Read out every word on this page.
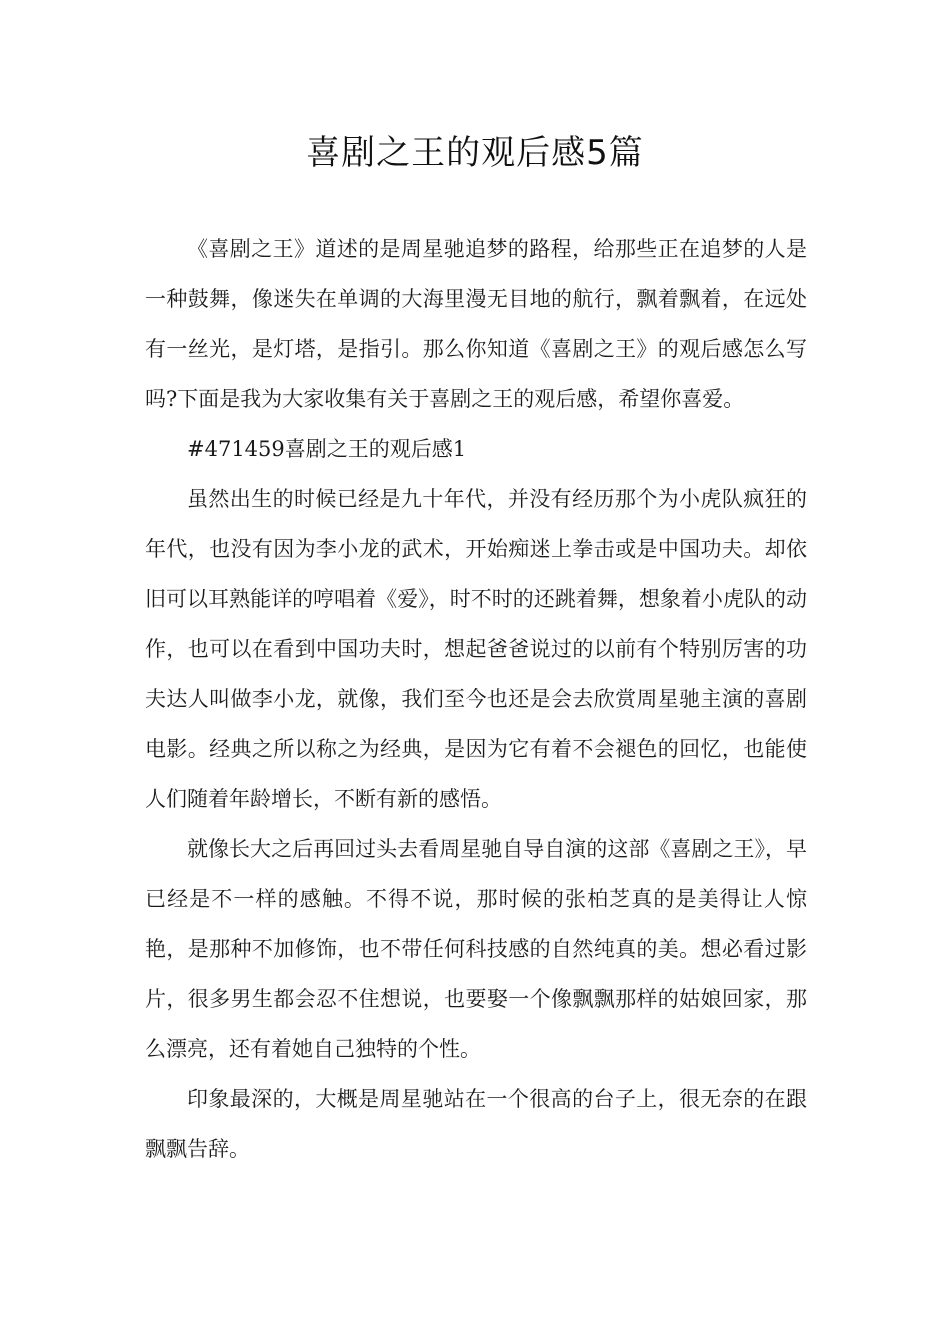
喜剧之王的观后感5篇

《喜剧之王》道述的是周星驰追梦的路程，给那些正在追梦的人是一种鼓舞，像迷失在单调的大海里漫无目地的航行，飘着飘着，在远处有一丝光，是灯塔，是指引。那么你知道《喜剧之王》的观后感怎么写吗?下面是我为大家收集有关于喜剧之王的观后感，希望你喜爱。

#471459喜剧之王的观后感1

虽然出生的时候已经是九十年代，并没有经历那个为小虎队疯狂的年代，也没有因为李小龙的武术，开始痴迷上拳击或是中国功夫。却依旧可以耳熟能详的哼唱着《爱》，时不时的还跳着舞，想象着小虎队的动作，也可以在看到中国功夫时，想起爸爸说过的以前有个特别厉害的功夫达人叫做李小龙，就像，我们至今也还是会去欣赏周星驰主演的喜剧电影。经典之所以称之为经典，是因为它有着不会褪色的回忆，也能使人们随着年龄增长，不断有新的感悟。

就像长大之后再回过头去看周星驰自导自演的这部《喜剧之王》，早已经是不一样的感触。不得不说，那时候的张柏芝真的是美得让人惊艳，是那种不加修饰，也不带任何科技感的自然纯真的美。想必看过影片，很多男生都会忍不住想说，也要娶一个像飘飘那样的姑娘回家，那么漂亮，还有着她自己独特的个性。

印象最深的，大概是周星驰站在一个很高的台子上，很无奈的在跟飘飘告辞。
